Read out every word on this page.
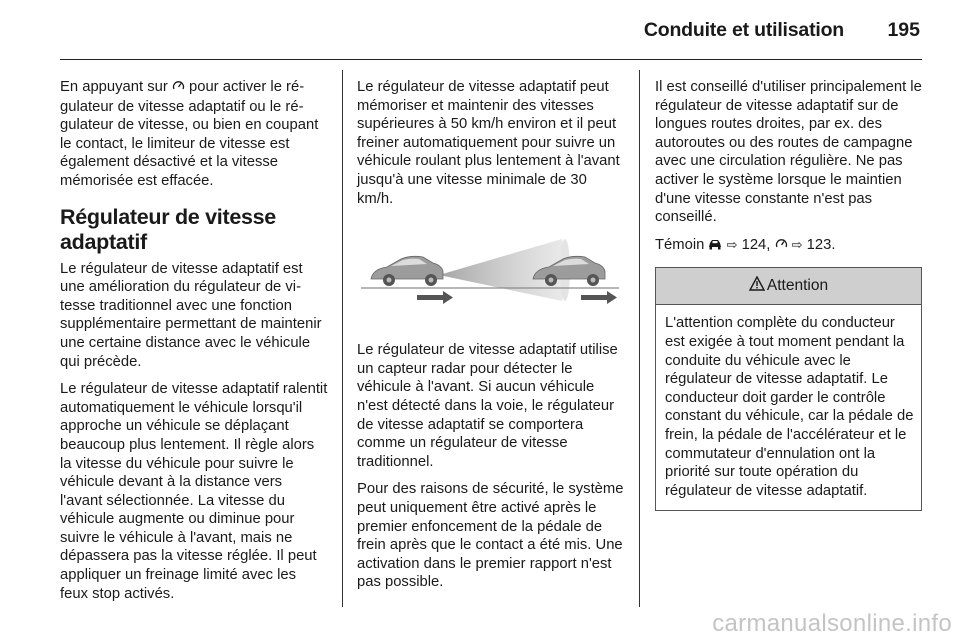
Conduite et utilisation 195

En appuyant sur  pour activer le régulateur de vitesse adaptatif ou le régulateur de vitesse, ou bien en coupant le contact, le limiteur de vitesse est également désactivé et la vitesse mémorisée est effacée.

Régulateur de vitesse adaptatif

Le régulateur de vitesse adaptatif est une amélioration du régulateur de vitesse traditionnel avec une fonction supplémentaire permettant de maintenir une certaine distance avec le véhicule qui précède.

Le régulateur de vitesse adaptatif ralentit automatiquement le véhicule lorsqu'il approche un véhicule se déplaçant beaucoup plus lentement. Il règle alors la vitesse du véhicule pour suivre le véhicule devant à la distance vers l'avant sélectionnée. La vitesse du véhicule augmente ou diminue pour suivre le véhicule à l'avant, mais ne dépassera pas la vitesse réglée. Il peut appliquer un freinage limité avec les feux stop activés.

Le régulateur de vitesse adaptatif peut mémoriser et maintenir des vitesses supérieures à 50 km/h environ et il peut freiner automatiquement pour suivre un véhicule roulant plus lentement à l'avant jusqu'à une vitesse minimale de 30 km/h.

Le régulateur de vitesse adaptatif utilise un capteur radar pour détecter le véhicule à l'avant. Si aucun véhicule n'est détecté dans la voie, le régulateur de vitesse adaptatif se comportera comme un régulateur de vitesse traditionnel.

Pour des raisons de sécurité, le système peut uniquement être activé après le premier enfoncement de la pédale de frein après que le contact a été mis. Une activation dans le premier rapport n'est pas possible.

Il est conseillé d'utiliser principalement le régulateur de vitesse adaptatif sur de longues routes droites, par ex. des autoroutes ou des routes de campagne avec une circulation régulière. Ne pas activer le système lorsque le maintien d'une vitesse constante n'est pas conseillé.

Témoin  ⇨ 124,  ⇨ 123.

Attention
L'attention complète du conducteur est exigée à tout moment pendant la conduite du véhicule avec le régulateur de vitesse adaptatif. Le conducteur doit garder le contrôle constant du véhicule, car la pédale de frein, la pédale de l'accélérateur et le commutateur d'ennulation ont la priorité sur toute opération du régulateur de vitesse adaptatif.
carmanualsonline.info
